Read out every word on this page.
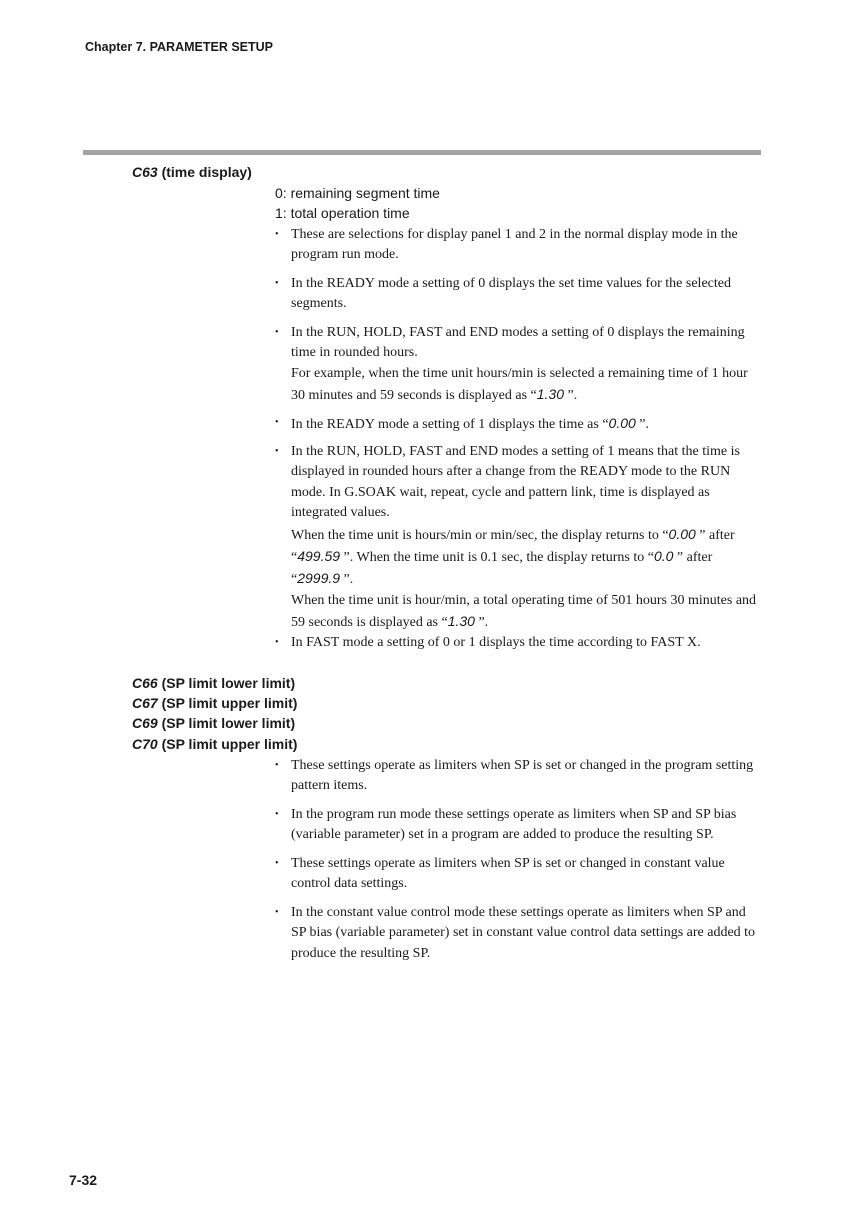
Chapter 7. PARAMETER SETUP
C63 (time display)
0: remaining segment time
1: total operation time
• These are selections for display panel 1 and 2 in the normal display mode in the program run mode.
• In the READY mode a setting of 0 displays the set time values for the selected segments.
• In the RUN, HOLD, FAST and END modes a setting of 0 displays the remaining time in rounded hours.
For example, when the time unit hours/min is selected a remaining time of 1 hour 30 minutes and 59 seconds is displayed as “1.30 ”.
• In the READY mode a setting of 1 displays the time as “0.00 ”.
• In the RUN, HOLD, FAST and END modes a setting of 1 means that the time is displayed in rounded hours after a change from the READY mode to the RUN mode. In G.SOAK wait, repeat, cycle and pattern link, time is displayed as integrated values.
When the time unit is hours/min or min/sec, the display returns to “0.00 ” after “499.59 ”. When the time unit is 0.1 sec, the display returns to “0.0 ” after “2999.9 ”.
When the time unit is hour/min, a total operating time of 501 hours 30 minutes and 59 seconds is displayed as “1.30 ”.
• In FAST mode a setting of 0 or 1 displays the time according to FAST X.
C66 (SP limit lower limit)
C67 (SP limit upper limit)
C69 (SP limit lower limit)
C70 (SP limit upper limit)
• These settings operate as limiters when SP is set or changed in the program setting pattern items.
• In the program run mode these settings operate as limiters when SP and SP bias (variable parameter) set in a program are added to produce the resulting SP.
• These settings operate as limiters when SP is set or changed in constant value control data settings.
• In the constant value control mode these settings operate as limiters when SP and SP bias (variable parameter) set in constant value control data settings are added to produce the resulting SP.
7-32
